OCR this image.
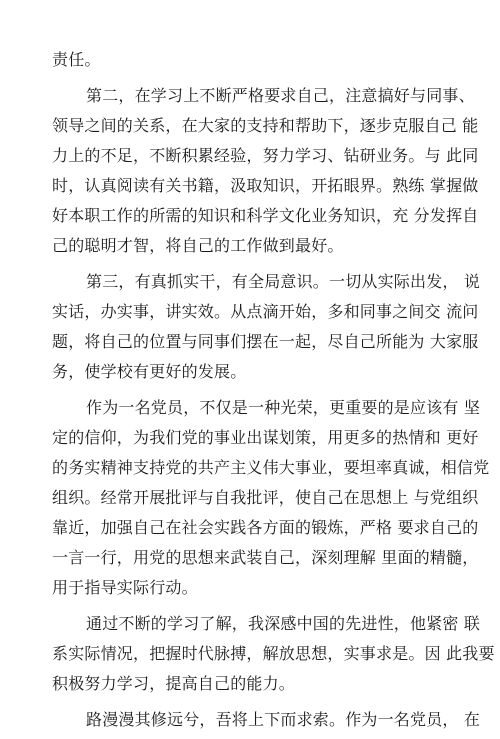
责任。
第二，在学习上不断严格要求自己，注意搞好与同事、
领导之间的关系，在大家的支持和帮助下，逐步克服自己 能
力上的不足，不断积累经验，努力学习、钻研业务。与 此同
时，认真阅读有关书籍，汲取知识，开拓眼界。熟练 掌握做
好本职工作的所需的知识和科学文化业务知识，充 分发挥自
己的聪明才智，将自己的工作做到最好。
第三，有真抓实干，有全局意识。一切从实际出发， 说
实话，办实事，讲实效。从点滴开始，多和同事之间交 流问
题，将自己的位置与同事们摆在一起，尽自己所能为 大家服
务，使学校有更好的发展。
作为一名党员，不仅是一种光荣，更重要的是应该有 坚
定的信仰，为我们党的事业出谋划策，用更多的热情和 更好
的务实精神支持党的共产主义伟大事业，要坦率真诚，相信党
组织。经常开展批评与自我批评，使自己在思想上 与党组织
靠近，加强自己在社会实践各方面的锻炼，严格 要求自己的
一言一行，用党的思想来武装自己，深刻理解 里面的精髓，
用于指导实际行动。
通过不断的学习了解，我深感中国的先进性，他紧密 联
系实际情况，把握时代脉搏，解放思想，实事求是。因 此我要
积极努力学习，提高自己的能力。
路漫漫其修远兮，吾将上下而求索。作为一名党员， 在
